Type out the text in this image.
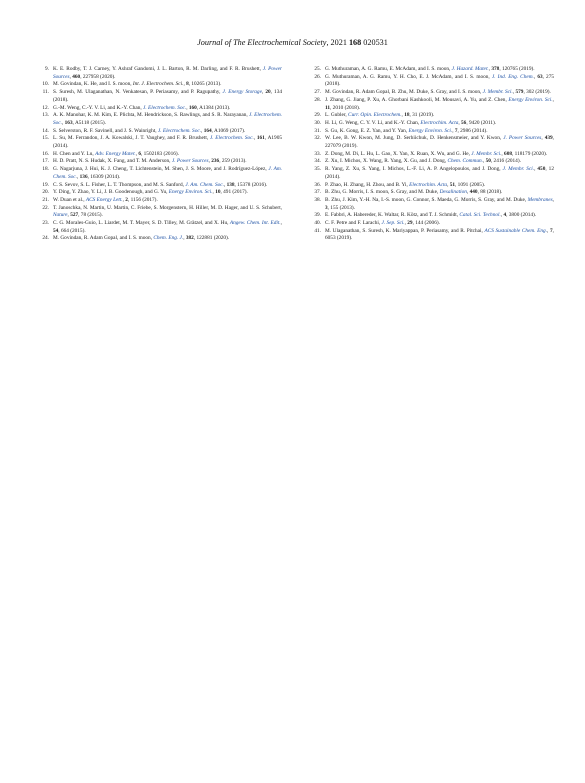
Journal of The Electrochemical Society, 2021 168 020531
9. K. E. Rodby, T. J. Carney, Y. Ashraf Gandomi, J. L. Barton, R. M. Darling, and F. R. Brushett, J. Power Sources, 460, 227958 (2020).
10. M. Govindan, K. He, and I. S. moon, Int. J. Electrochem. Sci., 8, 10265 (2013).
11. S. Suresh, M. Ulaganathan, N. Venkatesan, P. Periasamy, and P. Ragupathy, J. Energy Storage, 20, 134 (2018).
12. G.-M. Weng, C.-Y. V. Li, and K.-Y. Chan, J. Electrochem. Soc., 160, A1384 (2013).
13. A. K. Manohar, K. M. Kim, E. Plichta, M. Hendrickson, S. Rawlings, and S. R. Narayanan, J. Electrochem. Soc., 163, A5118 (2015).
14. S. Selverston, R. F. Savinell, and J. S. Wainright, J. Electrochem. Soc., 164, A1069 (2017).
15. L. Su, M. Ferrandon, J. A. Kowalski, J. T. Vaughey, and F. R. Brushett, J. Electrochem. Soc., 161, A1905 (2014).
16. H. Chen and Y. Lu, Adv. Energy Mater., 6, 1502183 (2016).
17. H. D. Pratt, N. S. Hudak, X. Fang, and T. M. Anderson, J. Power Sources, 236, 259 (2013).
18. G. Nagarjuna, J. Hui, K. J. Cheng, T. Lichtenstein, M. Shen, J. S. Moore, and J. Rodríguez-López, J. Am. Chem. Soc., 136, 16309 (2014).
19. C. S. Sevov, S. L. Fisher, L. T. Thompson, and M. S. Sanford, J. Am. Chem. Soc., 138, 15378 (2016).
20. Y. Ding, Y. Zhao, Y. Li, J. B. Goodenough, and G. Yu, Energy Environ. Sci., 10, 491 (2017).
21. W. Duan et al., ACS Energy Lett., 2, 1156 (2017).
22. T. Janoschka, N. Martin, U. Martin, C. Friebe, S. Morgenstern, H. Hiller, M. D. Hager, and U. S. Schubert, Nature, 527, 78 (2015).
23. C. G. Morales-Guio, L. Liardet, M. T. Mayer, S. D. Tilley, M. Grätzel, and X. Hu, Angew. Chem. Int. Edit., 54, 664 (2015).
24. M. Govindan, R. Adam Gopal, and I. S. moon, Chem. Eng. J., 382, 122881 (2020).
25. G. Muthuraman, A. G. Ramu, E. McAdam, and I. S. moon, J. Hazard. Mater., 378, 120765 (2019).
26. G. Muthuraman, A. G. Ramu, Y. H. Cho, E. J. McAdam, and I. S. moon, J. Ind. Eng. Chem., 63, 275 (2018).
27. M. Govindan, R. Adam Gopal, B. Zhu, M. Duke, S. Gray, and I. S. moon, J. Membr. Sci., 579, 302 (2019).
28. J. Zhang, G. Jiang, P. Xu, A. Ghorbani Kashkooli, M. Mousavi, A. Yu, and Z. Chen, Energy Environ. Sci., 11, 2010 (2018).
29. L. Gubler, Curr. Opin. Electrochem., 18, 31 (2019).
30. H. Li, G. Weng, C. Y. V. Li, and K.-Y. Chan, Electrochim. Acta, 56, 9420 (2011).
31. S. Gu, K. Gong, E. Z. Yan, and Y. Yan, Energy Environ. Sci., 7, 2986 (2014).
32. W. Lee, B. W. Kwon, M. Jung, D. Serhiichuk, D. Henkensmeier, and Y. Kwon, J. Power Sources, 439, 227079 (2019).
33. Z. Dong, M. Di, L. Hu, L. Gao, X. Yan, X. Ruan, X. Wu, and G. He, J. Membr. Sci., 608, 118179 (2020).
34. Z. Xu, I. Michos, X. Wang, R. Yang, X. Gu, and J. Dong, Chem. Commun., 50, 2416 (2014).
35. R. Yang, Z. Xu, S. Yang, I. Michos, L.-F. Li, A. P. Angelopoulos, and J. Dong, J. Membr. Sci., 450, 12 (2014).
36. P. Zhao, H. Zhang, H. Zhou, and B. Yi, Electrochim. Acta, 51, 1091 (2005).
37. B. Zhu, G. Morris, I. S. moon, S. Gray, and M. Duke, Desalination, 440, 88 (2018).
38. B. Zhu, J. Kim, Y.-H. Na, I.-S. moon, G. Connor, S. Maeda, G. Morris, S. Gray, and M. Duke, Membranes, 3, 155 (2013).
39. E. Fabbri, A. Habereder, K. Waltar, R. Kötz, and T. J. Schmidt, Catal. Sci. Technol., 4, 3800 (2014).
40. C. F. Petre and F. Larachi, J. Sep. Sci., 29, 144 (2006).
41. M. Ulaganathan, S. Suresh, K. Mariyappan, P. Periasamy, and R. Pitchai, ACS Sustainable Chem. Eng., 7, 6053 (2019).
